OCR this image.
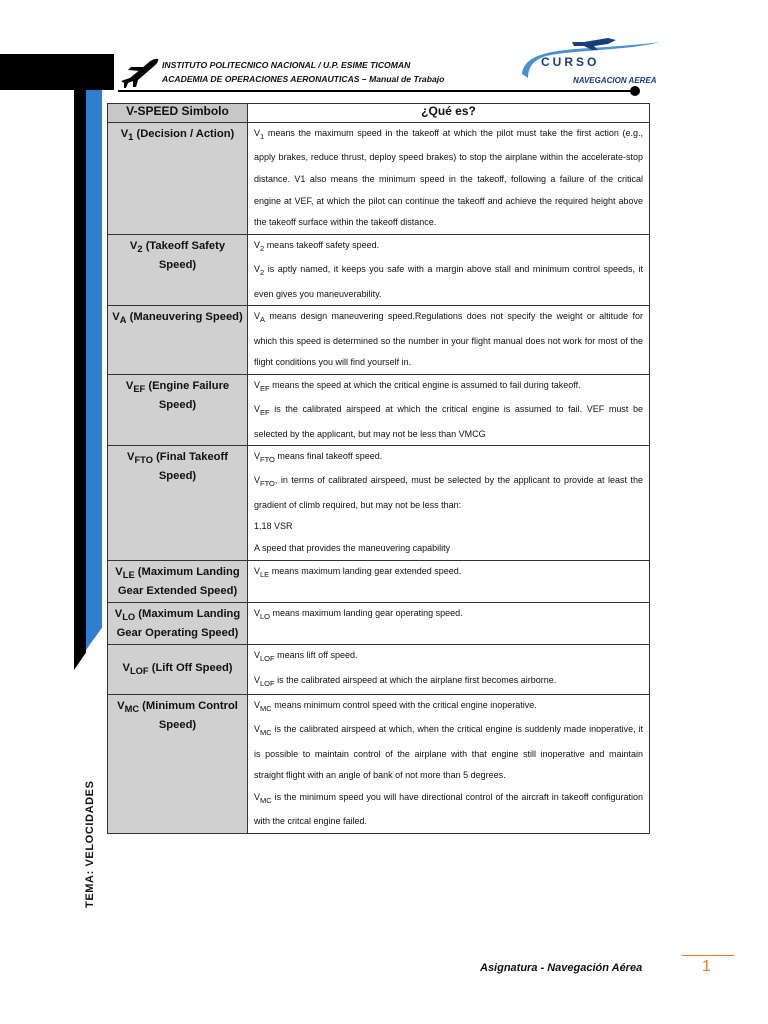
INSTITUTO POLITECNICO NACIONAL / U.P. ESIME TICOMAN
ACADEMIA DE OPERACIONES AERONAUTICAS – Manual de Trabajo
CURSO
NAVEGACION AEREA
V-SPEED Simbolo	¿Qué es?
$V_1$ (Decision / Action)	$V_1$ means the maximum speed in the takeoff at which the pilot must take the first action (e.g., apply brakes, reduce thrust, deploy speed brakes) to stop the airplane within the accelerate-stop distance. V1 also means the minimum speed in the takeoff, following a failure of the critical engine at VEF, at which the pilot can continue the takeoff and achieve the required height above the takeoff surface within the takeoff distance.

$V_2$ (Takeoff Safety Speed)	$V_2$ means takeoff safety speed.

$V_2$ is aptly named, it keeps you safe with a margin above stall and minimum control speeds, it even gives you maneuverability.

$V_A$ (Maneuvering Speed)	$V_A$ means design maneuvering speed.Regulations does not specify the weight or altitude for which this speed is determined so the number in your flight manual does not work for most of the flight conditions you will find yourself in.

$V_{EF}$ (Engine Failure Speed)	$V_{EF}$ means the speed at which the critical engine is assumed to fail during takeoff.

$V_{EF}$ is the calibrated airspeed at which the critical engine is assumed to fail. VEF must be selected by the applicant, but may not be less than VMCG

$V_{FTO}$ (Final Takeoff Speed)	$V_{FTO}$ means final takeoff speed.

$V_{FTO}$, in terms of calibrated airspeed, must be selected by the applicant to provide at least the gradient of climb required, but may not be less than:

1.18 VSR

A speed that provides the maneuvering capability

$V_{LE}$ (Maximum Landing Gear Extended Speed)	$V_{LE}$ means maximum landing gear extended speed.

$V_{LO}$ (Maximum Landing Gear Operating Speed)	$V_{LO}$ means maximum landing gear operating speed.

$V_{LOF}$ (Lift Off Speed)	$V_{LOF}$ means lift off speed.

$V_{LOF}$ is the calibrated airspeed at which the airplane first becomes airborne.

$V_{MC}$ (Minimum Control Speed)	$V_{MC}$ means minimum control speed with the critical engine inoperative.

$V_{MC}$ is the calibrated airspeed at which, when the critical engine is suddenly made inoperative, it is possible to maintain control of the airplane with that engine still inoperative and maintain straight flight with an angle of bank of not more than 5 degrees.

$V_{MC}$ is the minimum speed you will have directional control of the aircraft in takeoff configuration with the critcal engine failed.

TEMA: VELOCIDADES
Asignatura - Navegación Aérea	1
